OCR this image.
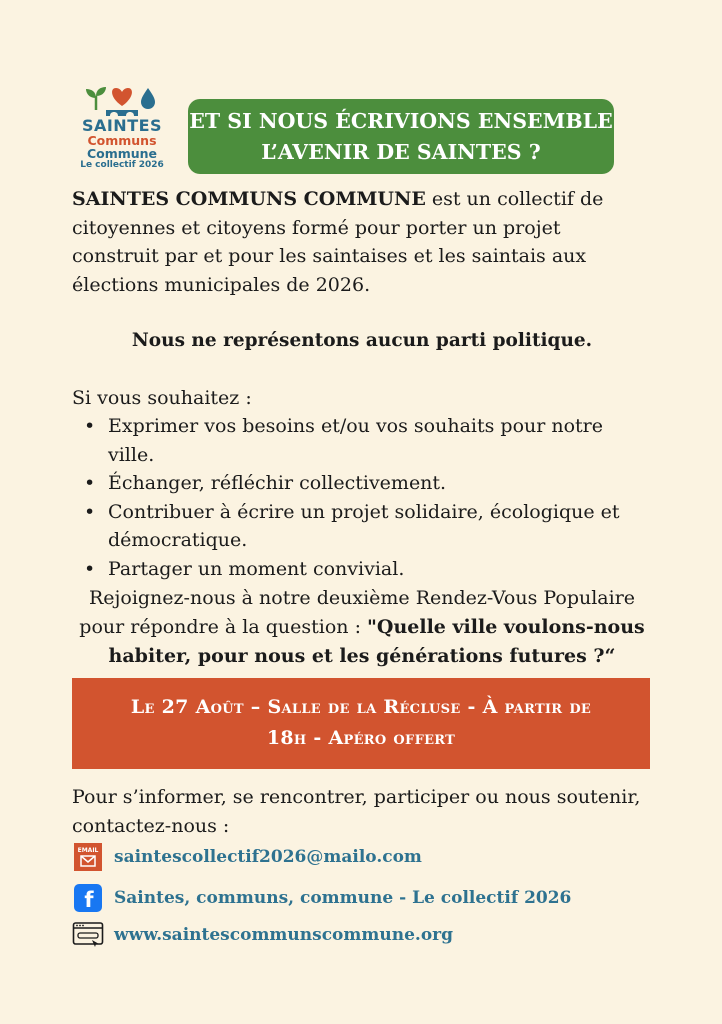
SAINTES
Communs
Commune
Le collectif 2026
ET SI NOUS ÉCRIVIONS ENSEMBLE
L’AVENIR DE SAINTES ?
SAINTES COMMUNS COMMUNE est un collectif de citoyennes et citoyens formé pour porter un projet construit par et pour les saintaises et les saintais aux élections municipales de 2026.
Nous ne représentons aucun parti politique.
Si vous souhaitez :
• Exprimer vos besoins et/ou vos souhaits pour notre ville.
• Échanger, réfléchir collectivement.
• Contribuer à écrire un projet solidaire, écologique et démocratique.
• Partager un moment convivial.
Rejoignez-nous à notre deuxième Rendez-Vous Populaire
pour répondre à la question : "Quelle ville voulons-nous habiter, pour nous et les générations futures ?“
Le 27 Août – Salle de la Récluse - À partir de
18h - Apéro offert
Pour s’informer, se rencontrer, participer ou nous soutenir, contactez-nous :
EMAIL saintescollectif2026@mailo.com
f Saintes, communs, commune - Le collectif 2026
www.saintescommunscommune.org
